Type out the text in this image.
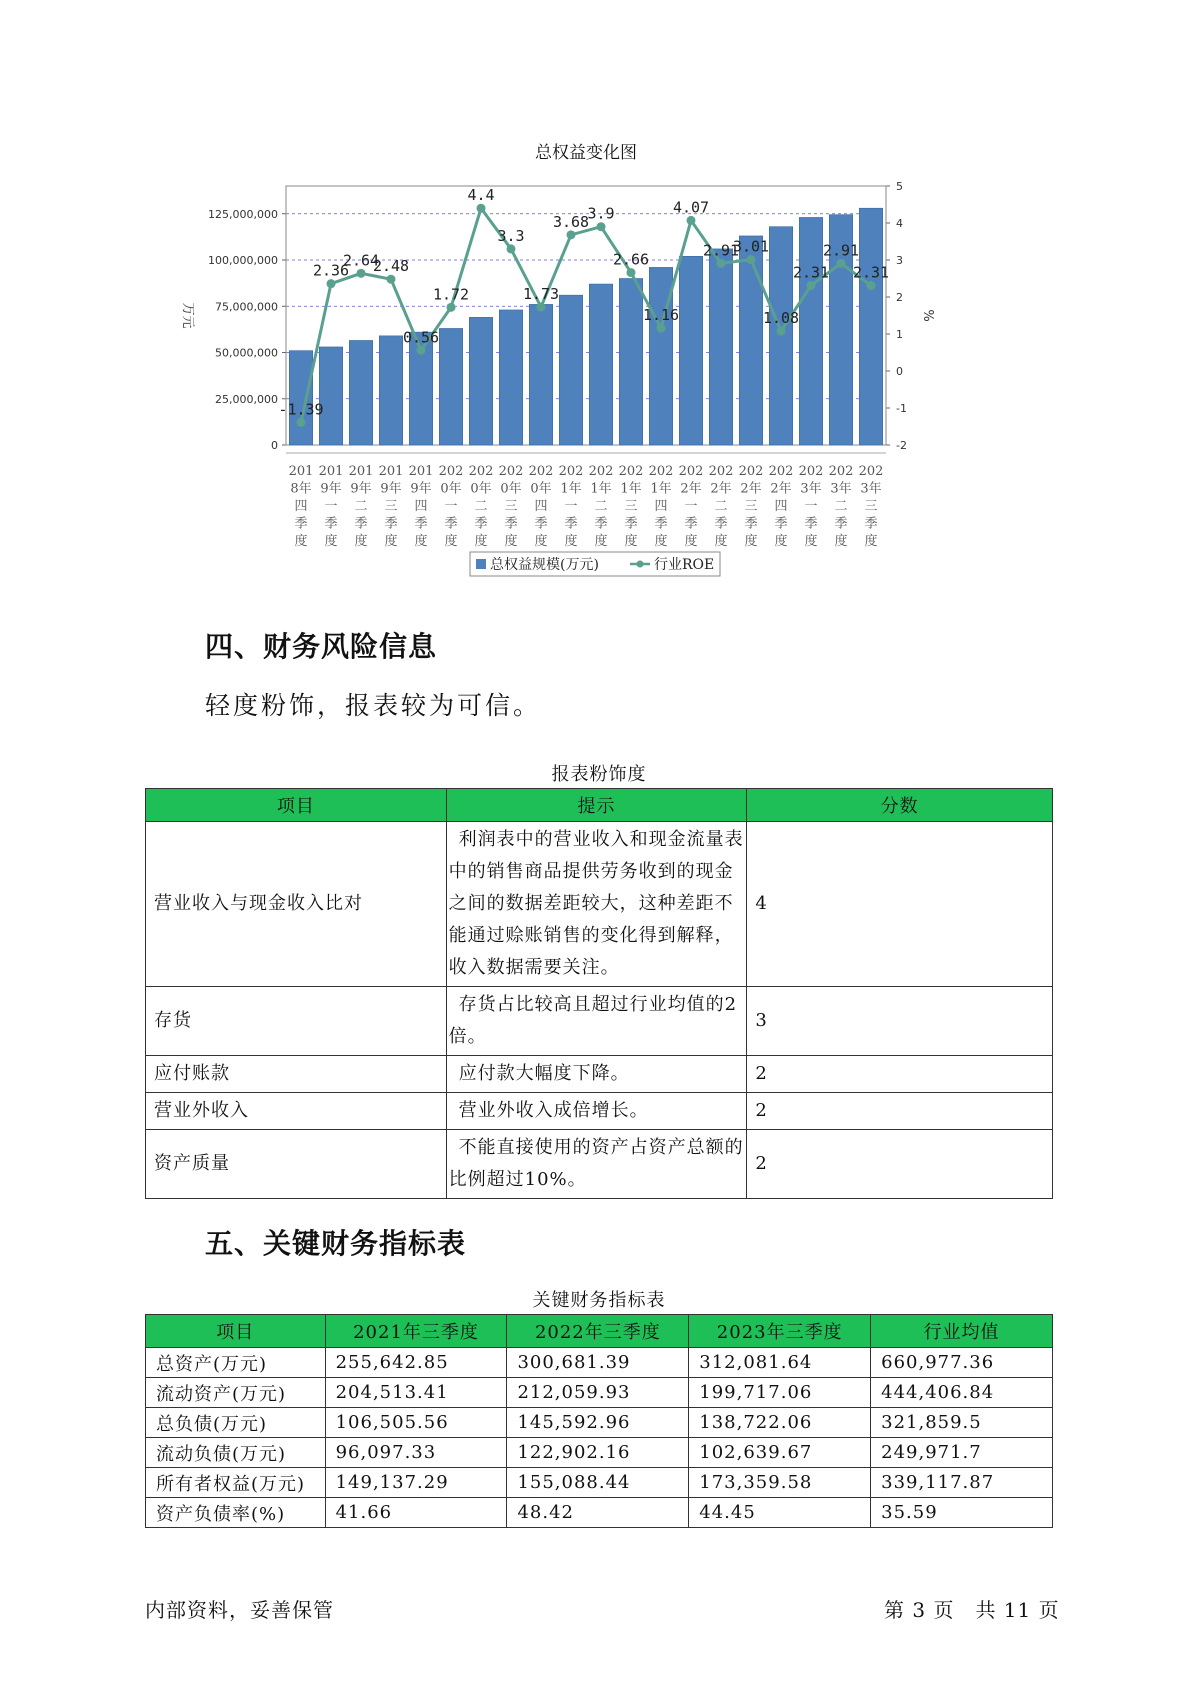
总权益变化图
0
25,000,000
50,000,000
75,000,000
100,000,000
125,000,000
-2
-1
0
1
2
3
4
5
万元	%
-1.39
2.36
2.64
2.48
0.56
1.72
4.4
3.3
1.73
3.68
3.9
2.66
1.16
4.07
2.91
3.01
1.08
2.31
2.91
2.31
201
8年
四
季
度
201
9年
一
季
度
201
9年
二
季
度
201
9年
三
季
度
201
9年
四
季
度
202
0年
一
季
度
202
0年
二
季
度
202
0年
三
季
度
202
0年
四
季
度
202
1年
一
季
度
202
1年
二
季
度
202
1年
三
季
度
202
1年
四
季
度
202
2年
一
季
度
202
2年
二
季
度
202
2年
三
季
度
202
2年
四
季
度
202
3年
一
季
度
202
3年
二
季
度
202
3年
三
季
度
总权益规模(万元)	行业ROE
四、财务风险信息

轻度粉饰，报表较为可信。

报表粉饰度
项目	提示	分数
营业收入与现金收入比对	利润表中的营业收入和现金流量表中的销售商品提供劳务收到的现金之间的数据差距较大，这种差距不能通过赊账销售的变化得到解释，收入数据需要关注。	4
存货	存货占比较高且超过行业均值的2倍。	3
应付账款	应付款大幅度下降。	2
营业外收入	营业外收入成倍增长。	2
资产质量	不能直接使用的资产占资产总额的比例超过10%。	2
五、关键财务指标表
关键财务指标表
项目	2021年三季度	2022年三季度	2023年三季度	行业均值
总资产(万元)	255,642.85	300,681.39	312,081.64	660,977.36
流动资产(万元)	204,513.41	212,059.93	199,717.06	444,406.84
总负债(万元)	106,505.56	145,592.96	138,722.06	321,859.5
流动负债(万元)	96,097.33	122,902.16	102,639.67	249,971.7
所有者权益(万元)	149,137.29	155,088.44	173,359.58	339,117.87
资产负债率(%)	41.66	48.42	44.45	35.59
内部资料，妥善保管	第 3 页　共 11 页
